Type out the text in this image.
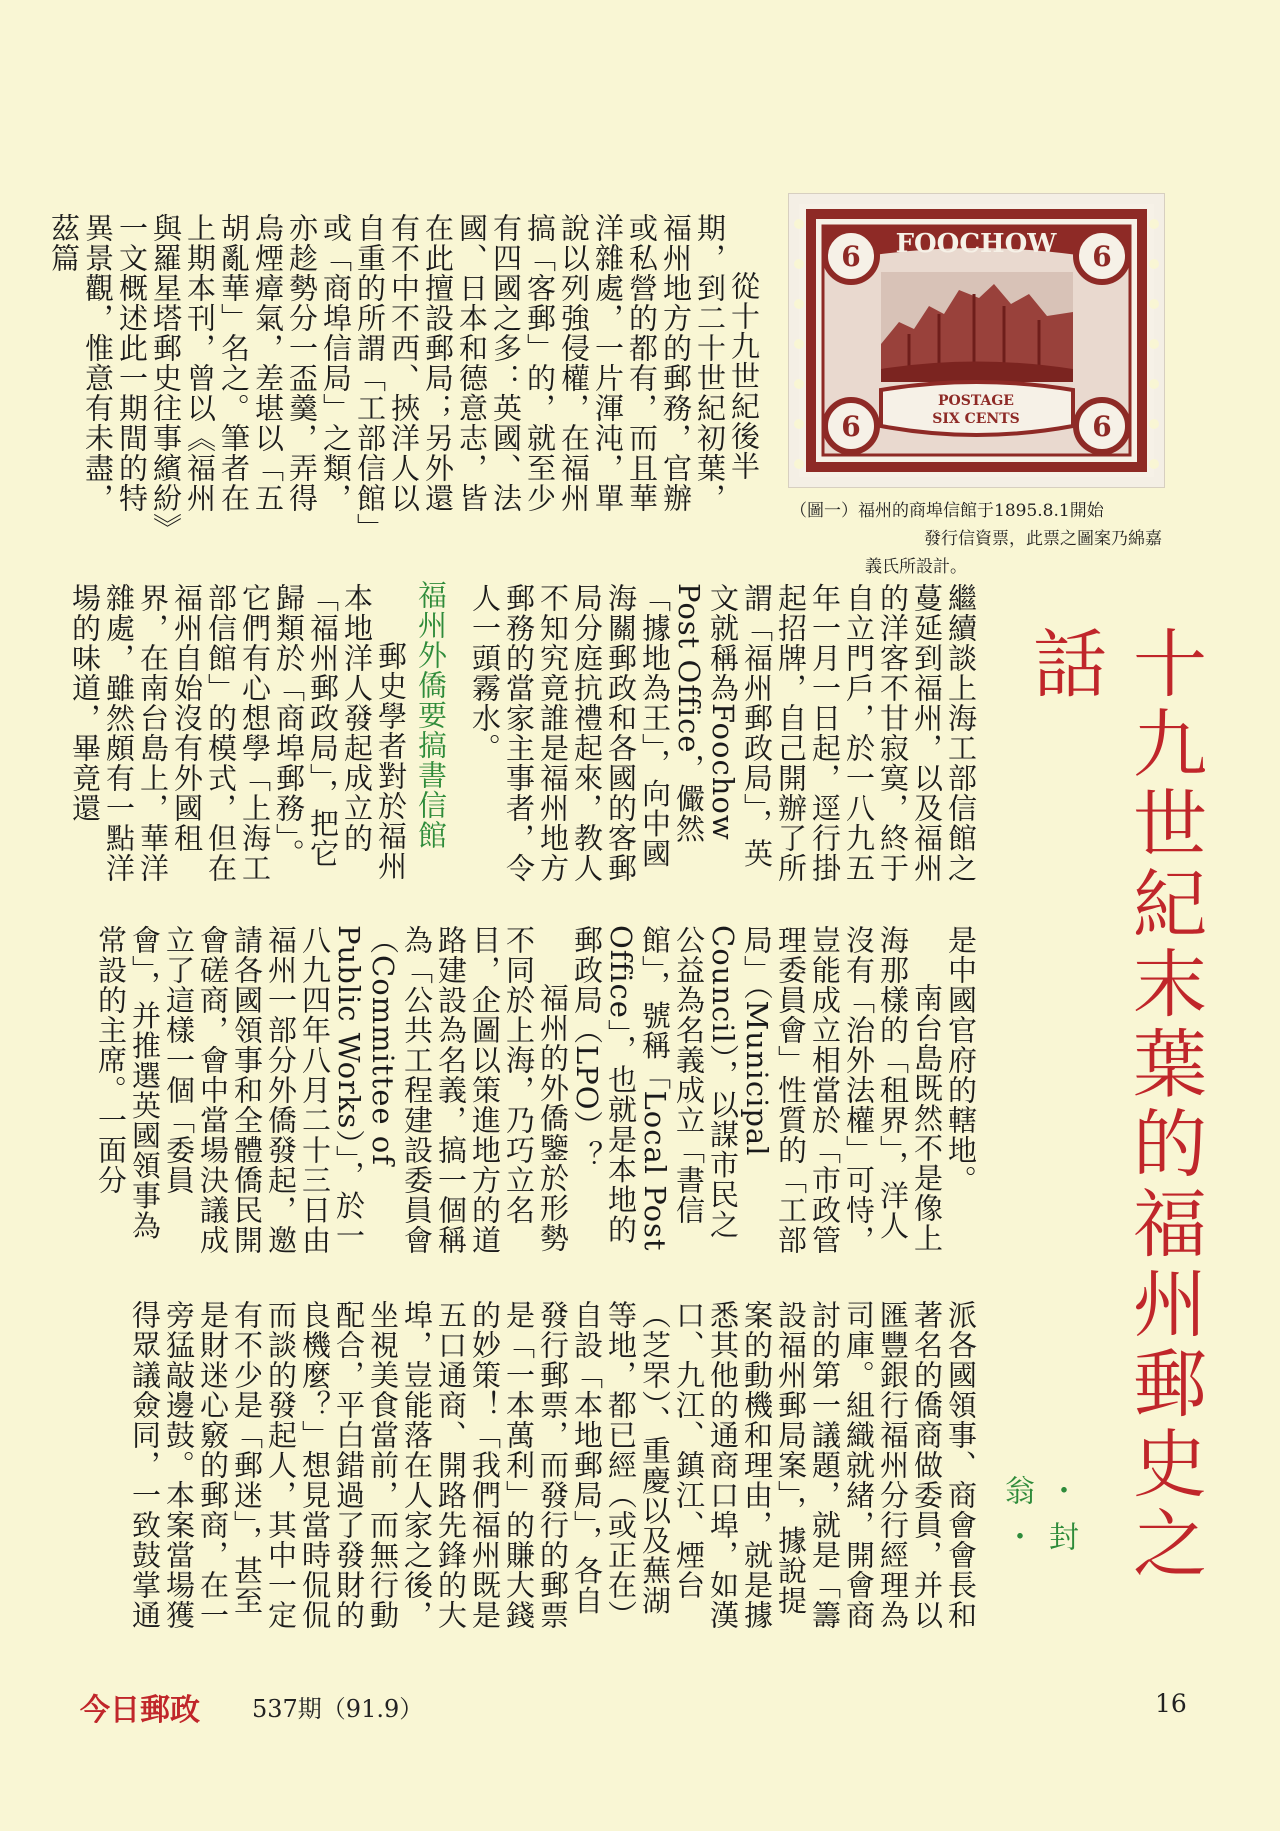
十九世紀末葉的福州郵史之話
・封　翁・
FOOCHOW
6	6
6	6
POSTAGE
SIX CENTS
（圖一）福州的商埠信館于1895.8.1開始

發行信資票，此票之圖案乃綿嘉
義氏所設計。

從十九世紀後半期，到二十世紀初葉，福州地方的郵務，官辦或私營的都有，而且華洋雜處，一片渾沌，單說以列強侵權，在福州搞「客郵」的，就至少有四國之多：英國、法國、日本和德意志，皆在此擅設郵局；另外還有不中不西、挾洋人以自重的所謂「工部信館」或「商埠信局」之類，亦趁勢分一盃羹，弄得烏煙瘴氣，差堪以「五胡亂華」名之。筆者在上期本刊，曾以《福州與羅星塔郵史往事繽紛》一文概述此一期間的特異景觀，惟意有未盡，茲篇

繼續談上海工部信館之蔓延到福州，以及福州的洋客不甘寂寞，終于自立門戶，於一八九五年一月一日起，逕行掛起招牌，自己開辦了所謂「福州郵政局」，英文就稱為Foochow Post Office，儼然「據地為王」，向中國海關郵政和各國的客郵局分庭抗禮起來，教人不知究竟誰是福州地方郵務的當家主事者，令人一頭霧水。

福州外僑要搞書信館

郵史學者對於福州本地洋人發起成立的「福州郵政局」，把它歸類於「商埠郵務」。它們有心想學「上海工部信館」的模式，但在福州自始沒有外國租界，在南台島上，華洋雜處，雖然頗有一點洋場的味道，畢竟還

是中國官府的轄地。

南台島既然不是像上海那樣的「租界」，洋人沒有「治外法權」可恃，豈能成立相當於「市政管理委員會」性質的「工部局」（Municipal Council），以謀市民之公益為名義成立「書信館」，號稱「Local Post Office」，也就是本地的郵政局（LPO）？

福州的外僑鑒於形勢不同於上海，乃巧立名目，企圖以策進地方的道路建設為名義，搞一個稱為「公共工程建設委員會（Committee of Public Works）」，於一八九四年八月二十三日由福州一部分外僑發起，邀請各國領事和全體僑民開會磋商，會中當場決議成立了這樣一個「委員會」，并推選英國領事為常設的主席。一面分

派各國領事、商會會長和著名的僑商做委員，并以匯豐銀行福州分行經理為司庫。組織就緒，開會商討的第一議題，就是「籌設福州郵局案」，據說提案的動機和理由，就是據悉其他的通商口埠，如漢口、九江、鎮江、煙台（芝罘）、重慶以及蕪湖等地，都已經（或正在）自設「本地郵局」，各自發行郵票，而發行的郵票是「一本萬利」的賺大錢的妙策！「我們福州既是五口通商、開路先鋒的大埠，豈能落在人家之後，坐視美食當前，而無行動配合，平白錯過了發財的良機麼？」想見當時侃侃而談的發起人，其中一定有不少是「郵迷」，甚至是財迷心竅的郵商，在一旁猛敲邊鼓。本案當場獲得眾議僉同，一致鼓掌通

今日郵政 537期（91.9）	16
